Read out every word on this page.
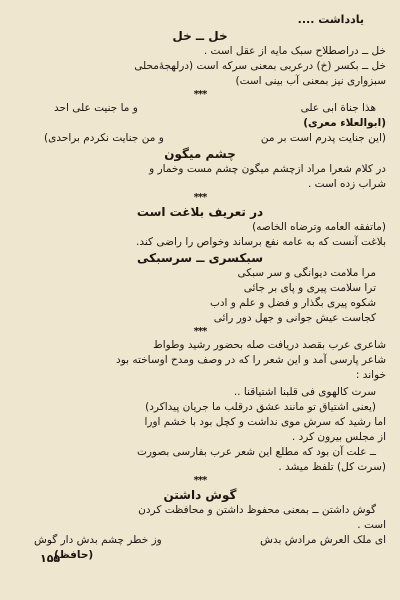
یادداشت ....
خل ــ خل
خل ــ دراصطلاح سبک مایه از عقل است .
خل ــ بکسر (خ) درعربی بمعنی سرکه است (درلهجۀمحلی
سبزواری نیز بمعنی آب بینی است)
***
هذا جناة ابی علی
و ما جنیت علی احد
(ابوالعلاء معری)
(این جنایت پدرم است بر من
و من جنایت نکردم براحدی)
چشم میگون
در کلام شعرا مراد ازچشم میگون چشم مست وخمار و
شراب زده است .
***
در تعریف بلاغت است
(ماتفقه العامه وترضاه الخاصه)
بلاغت آنست که به عامه نفع برساند وخواص را راضی کند.
سبکسری ــ سرسبکی
مرا ملامت دیوانگی و سر سبکی
ترا سلامت پیری و پای بر جائی
شکوه پیری بگذار و فضل و علم و ادب
کجاست عیش جوانی و جهل دور رائی
***
شاعری عرب بقصد دریافت صله بحضور رشید وطواط
شاعر پارسی آمد و این شعر را که در وصف ومدح اوساخته بود
خواند :
سرت کالهوی فی قلبنا اشتیاقنا ..
(یعنی اشتیاق تو مانند عشق درقلب ما جریان پیداکرد)
اما رشید که سرش موی نداشت و کچل بود با خشم اورا
از مجلس بیرون کرد .
ــ علت آن بود که مطلع این شعر عرب بفارسی بصورت
(سرت کل) تلفظ میشد .
***
گوش داشتن
گوش داشتن ــ بمعنی محفوظ داشتن و محافظت کردن
است .
ای ملک العرش مرادش بدش
وز خطر چشم بدش دار گوش
(حافظ)
۱۵۵
